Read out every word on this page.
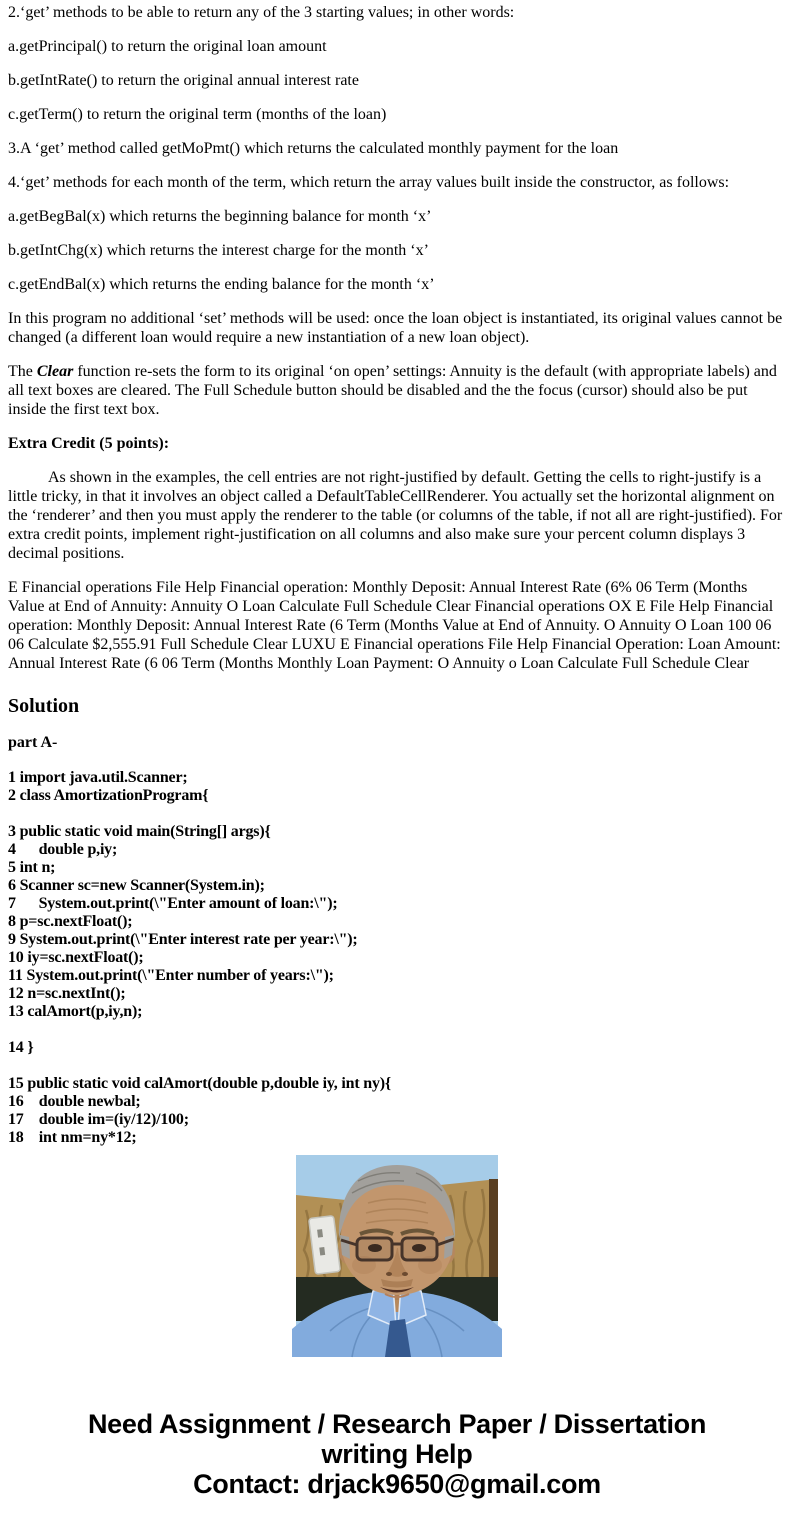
2.‘get’ methods to be able to return any of the 3 starting values; in other words:

a.getPrincipal() to return the original loan amount

b.getIntRate() to return the original annual interest rate

c.getTerm() to return the original term (months of the loan)

3.A ‘get’ method called getMoPmt() which returns the calculated monthly payment for the loan

4.‘get’ methods for each month of the term, which return the array values built inside the constructor, as follows:

a.getBegBal(x) which returns the beginning balance for month ‘x’

b.getIntChg(x) which returns the interest charge for the month ‘x’

c.getEndBal(x) which returns the ending balance for the month ‘x’

In this program no additional ‘set’ methods will be used: once the loan object is instantiated, its original values cannot be changed (a different loan would require a new instantiation of a new loan object).

The Clear function re-sets the form to its original ‘on open’ settings: Annuity is the default (with appropriate labels) and all text boxes are cleared. The Full Schedule button should be disabled and the the focus (cursor) should also be put inside the first text box.

Extra Credit (5 points):

As shown in the examples, the cell entries are not right-justified by default. Getting the cells to right-justify is a little tricky, in that it involves an object called a DefaultTableCellRenderer. You actually set the horizontal alignment on the ‘renderer’ and then you must apply the renderer to the table (or columns of the table, if not all are right-justified). For extra credit points, implement right-justification on all columns and also make sure your percent column displays 3 decimal positions.

E Financial operations File Help Financial operation: Monthly Deposit: Annual Interest Rate (6% 06 Term (Months Value at End of Annuity: Annuity O Loan Calculate Full Schedule Clear Financial operations OX E File Help Financial operation: Monthly Deposit: Annual Interest Rate (6 Term (Months Value at End of Annuity. O Annuity O Loan 100 06 06 Calculate $2,555.91 Full Schedule Clear LUXU E Financial operations File Help Financial Operation: Loan Amount: Annual Interest Rate (6 06 Term (Months Monthly Loan Payment: O Annuity o Loan Calculate Full Schedule Clear

Solution
part A-
1 import java.util.Scanner;
2 class AmortizationProgram{

3 public static void main(String[] args){
4      double p,iy;
5 int n;
6 Scanner sc=new Scanner(System.in);
7      System.out.print(\"Enter amount of loan:\");
8 p=sc.nextFloat();
9 System.out.print(\"Enter interest rate per year:\");
10 iy=sc.nextFloat();
11 System.out.print(\"Enter number of years:\");
12 n=sc.nextInt();
13 calAmort(p,iy,n);

14 }

15 public static void calAmort(double p,double iy, int ny){
16    double newbal;
17    double im=(iy/12)/100;
18    int nm=ny*12;
Need Assignment / Research Paper / Dissertation
writing Help
Contact: drjack9650@gmail.com
